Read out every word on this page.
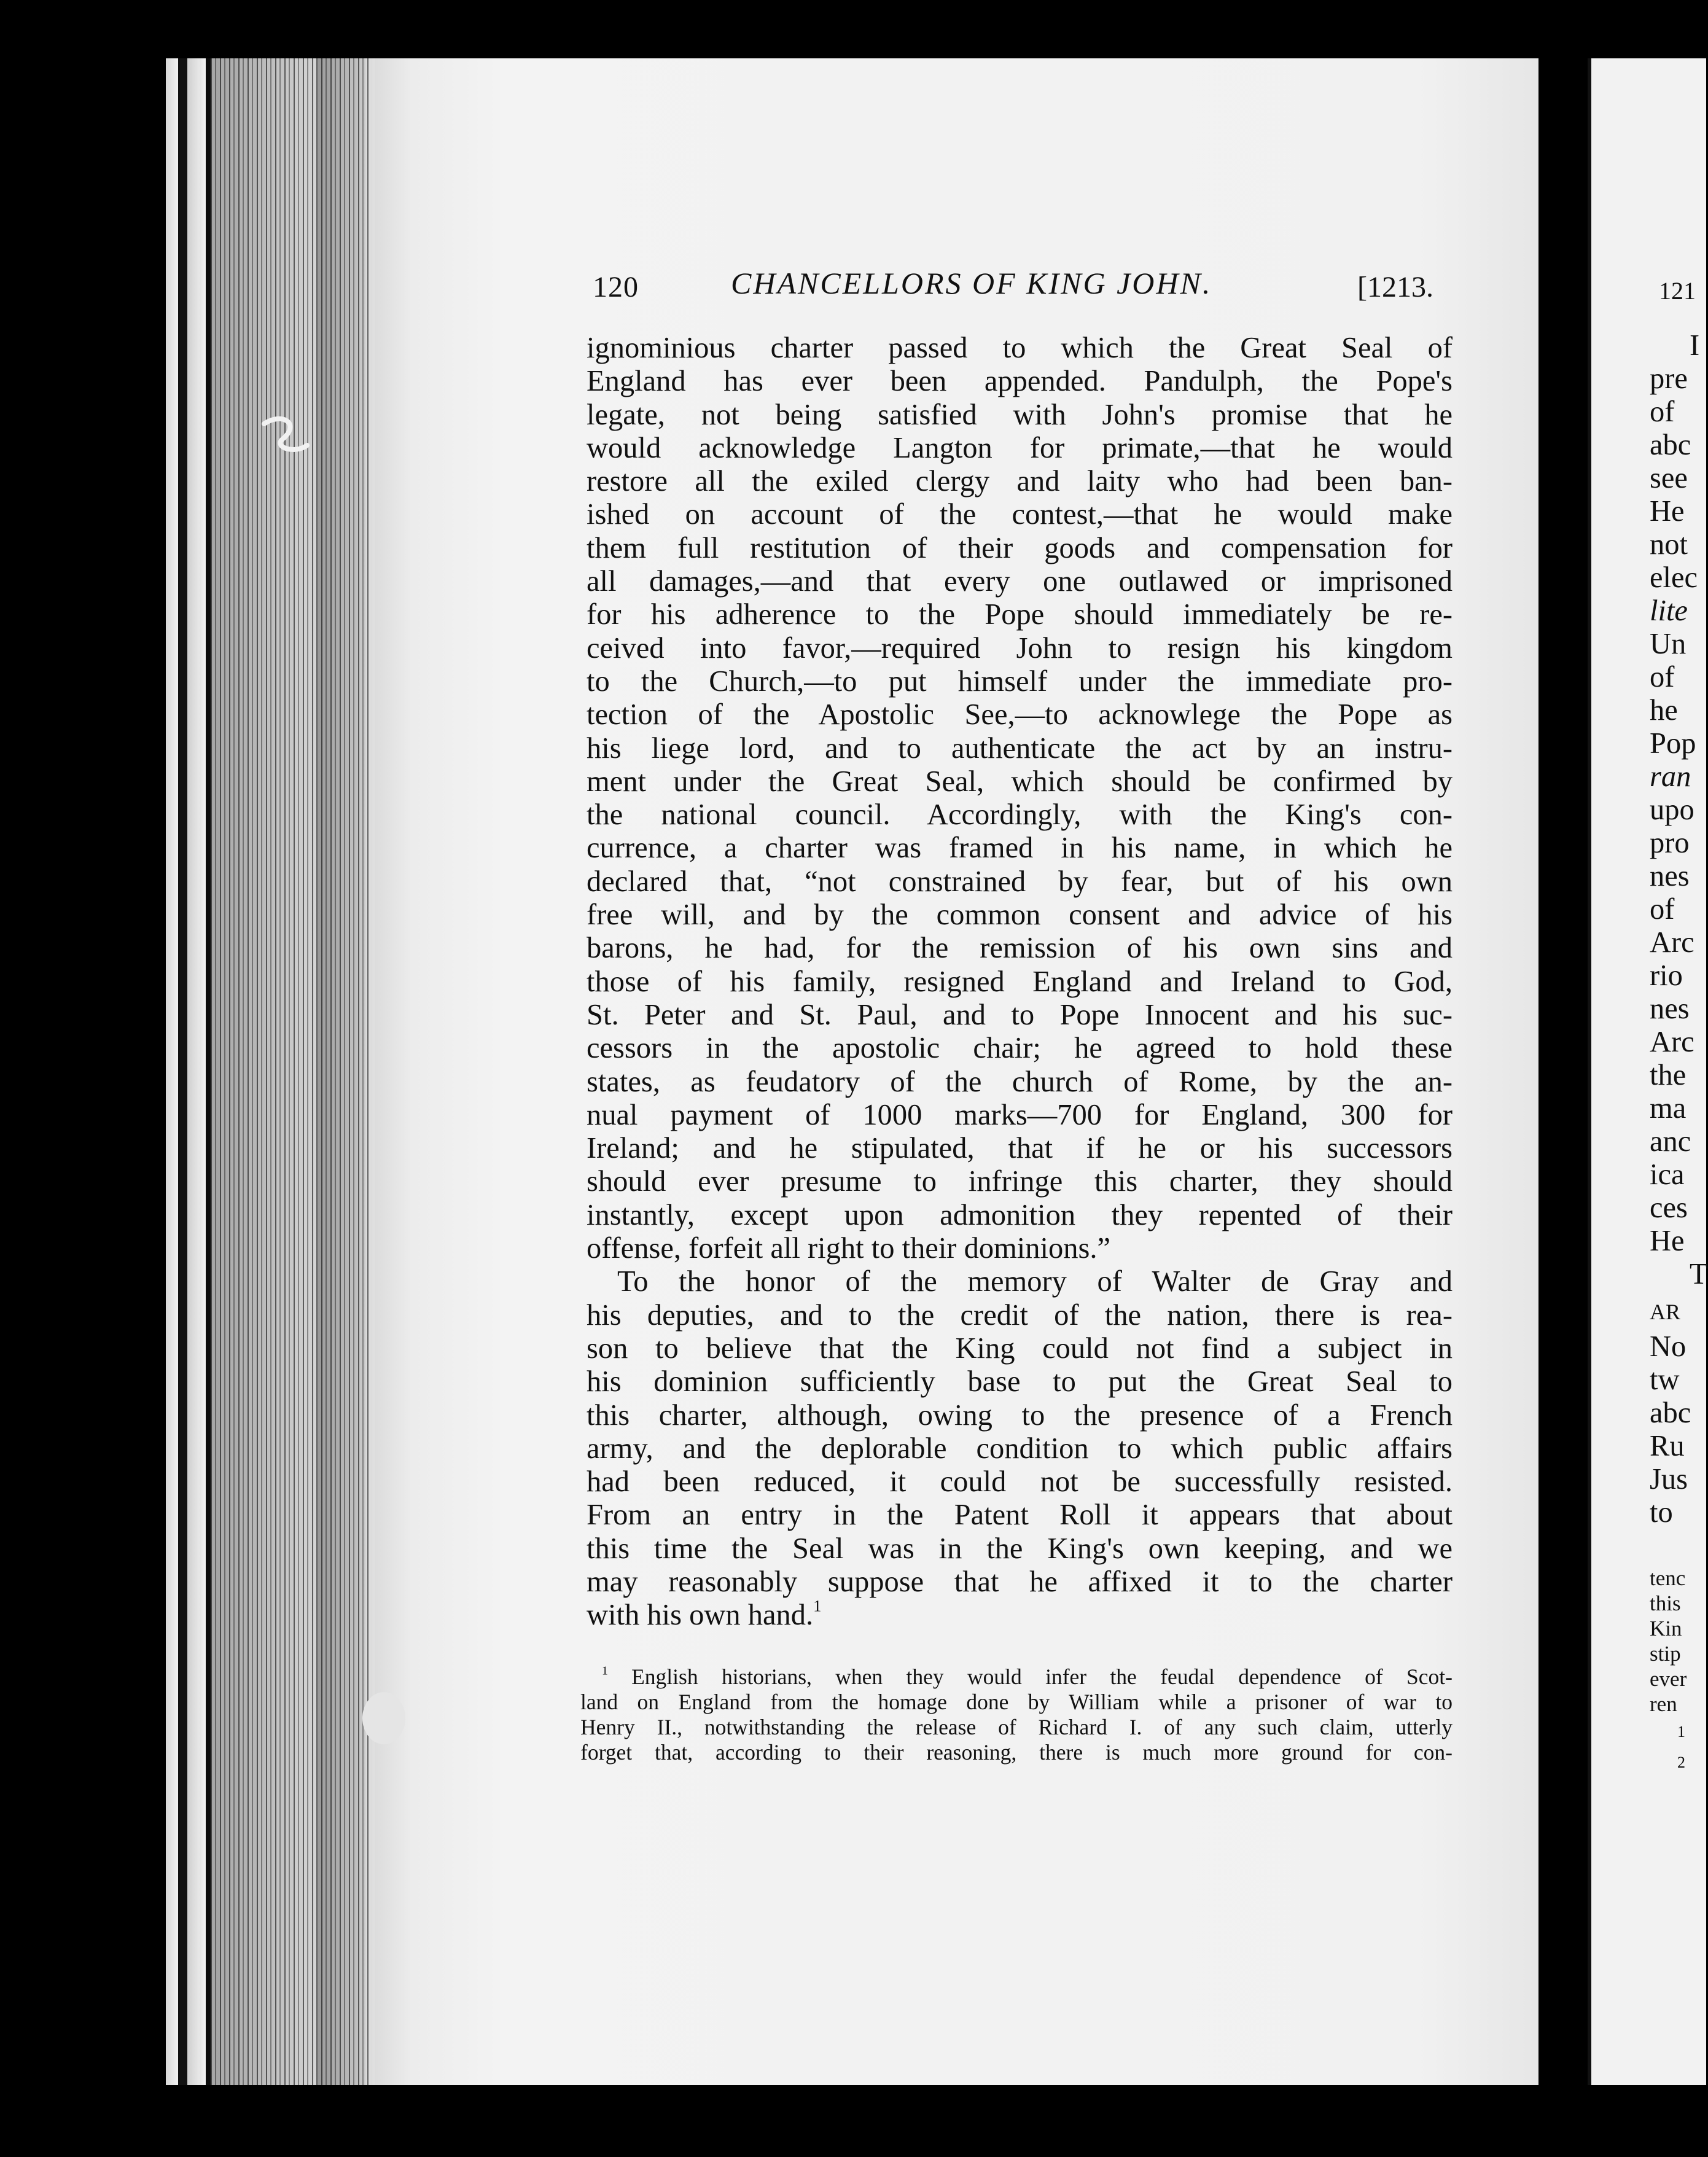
120	CHANCELLORS OF KING JOHN.	[1213.
ignominious charter passed to which the Great Seal of
England has ever been appended. Pandulph, the Pope's
legate, not being satisfied with John's promise that he
would acknowledge Langton for primate,—that he would
restore all the exiled clergy and laity who had been ban-
ished on account of the contest,—that he would make
them full restitution of their goods and compensation for
all damages,—and that every one outlawed or imprisoned
for his adherence to the Pope should immediately be re-
ceived into favor,—required John to resign his kingdom
to the Church,—to put himself under the immediate pro-
tection of the Apostolic See,—to acknowlege the Pope as
his liege lord, and to authenticate the act by an instru-
ment under the Great Seal, which should be confirmed by
the national council. Accordingly, with the King's con-
currence, a charter was framed in his name, in which he
declared that, “not constrained by fear, but of his own
free will, and by the common consent and advice of his
barons, he had, for the remission of his own sins and
those of his family, resigned England and Ireland to God,
St. Peter and St. Paul, and to Pope Innocent and his suc-
cessors in the apostolic chair; he agreed to hold these
states, as feudatory of the church of Rome, by the an-
nual payment of 1000 marks—700 for England, 300 for
Ireland; and he stipulated, that if he or his successors
should ever presume to infringe this charter, they should
instantly, except upon admonition they repented of their
offense, forfeit all right to their dominions.”
To the honor of the memory of Walter de Gray and
his deputies, and to the credit of the nation, there is rea-
son to believe that the King could not find a subject in
his dominion sufficiently base to put the Great Seal to
this charter, although, owing to the presence of a French
army, and the deplorable condition to which public affairs
had been reduced, it could not be successfully resisted.
From an entry in the Patent Roll it appears that about
this time the Seal was in the King's own keeping, and we
may reasonably suppose that he affixed it to the charter
with his own hand.$^1$
$^1$ English historians, when they would infer the feudal dependence of Scot-
land on England from the homage done by William while a prisoner of war to
Henry II., notwithstanding the release of Richard I. of any such claim, utterly
forget that, according to their reasoning, there is much more ground for con-
121
I
pre
of
abc
see
He
not
elec
lite
Un
of
he
Pop
ran
upo
pro
nes
of
Arc
rio
nes
Arc
the
ma
anc
ica
ces
He
T
AR
No
tw
abc
Ru
Jus
to
tenc
this
Kin
stip
ever
ren
1
2
